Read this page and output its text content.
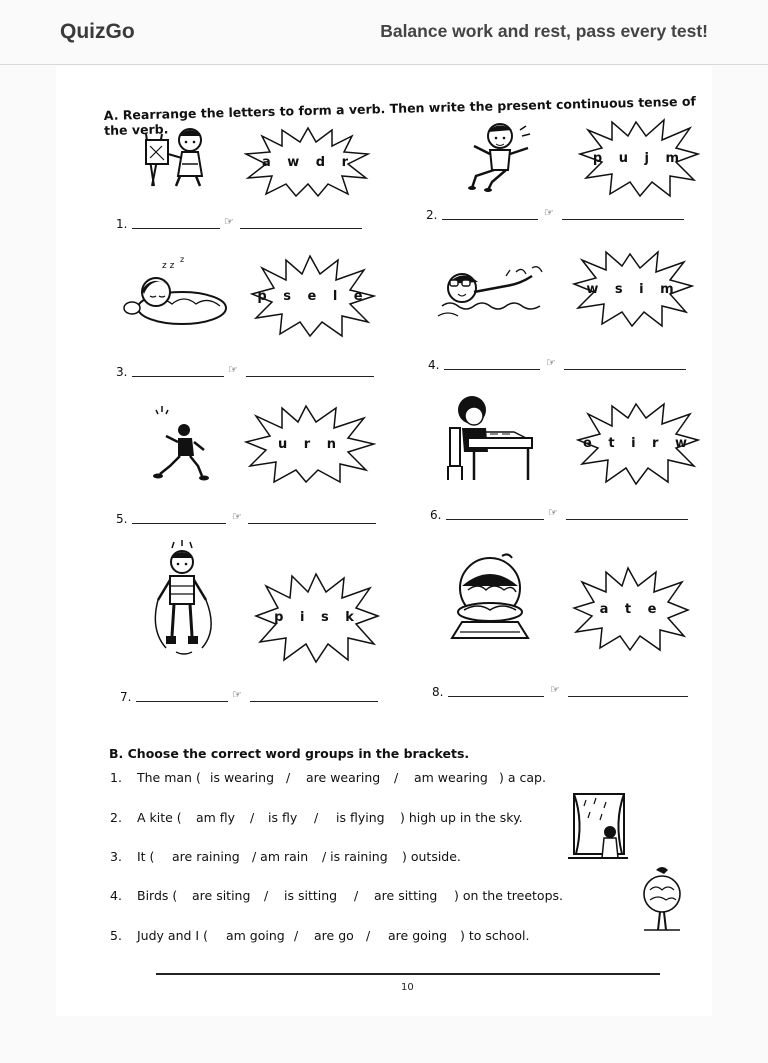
QuizGo	Balance work and rest, pass every test!
A. Rearrange the letters to form a verb. Then write the present continuous tense of the verb.
a w d r
1.	☞
p u j m
2.	☞
z z
z
p s e l e
3.	☞
w s i m
4.	☞
u r n
5.	☞
e t i r w
6.	☞
p i s k
7.	☞
a t e
8.	☞
B. Choose the correct word groups in the brackets.

1.

The man (

is wearing

/

are wearing

/

am wearing

) a cap.

2.

A kite (

am fly

/

is fly

/

is flying

) high up in the sky.

3.

It (

are raining

/ am rain

/ is raining

) outside.

4.

Birds (

are siting

/

is sitting

/

are sitting

) on the treetops.

5.

Judy and I (

am going

/

are go

/

are going

) to school.

10
